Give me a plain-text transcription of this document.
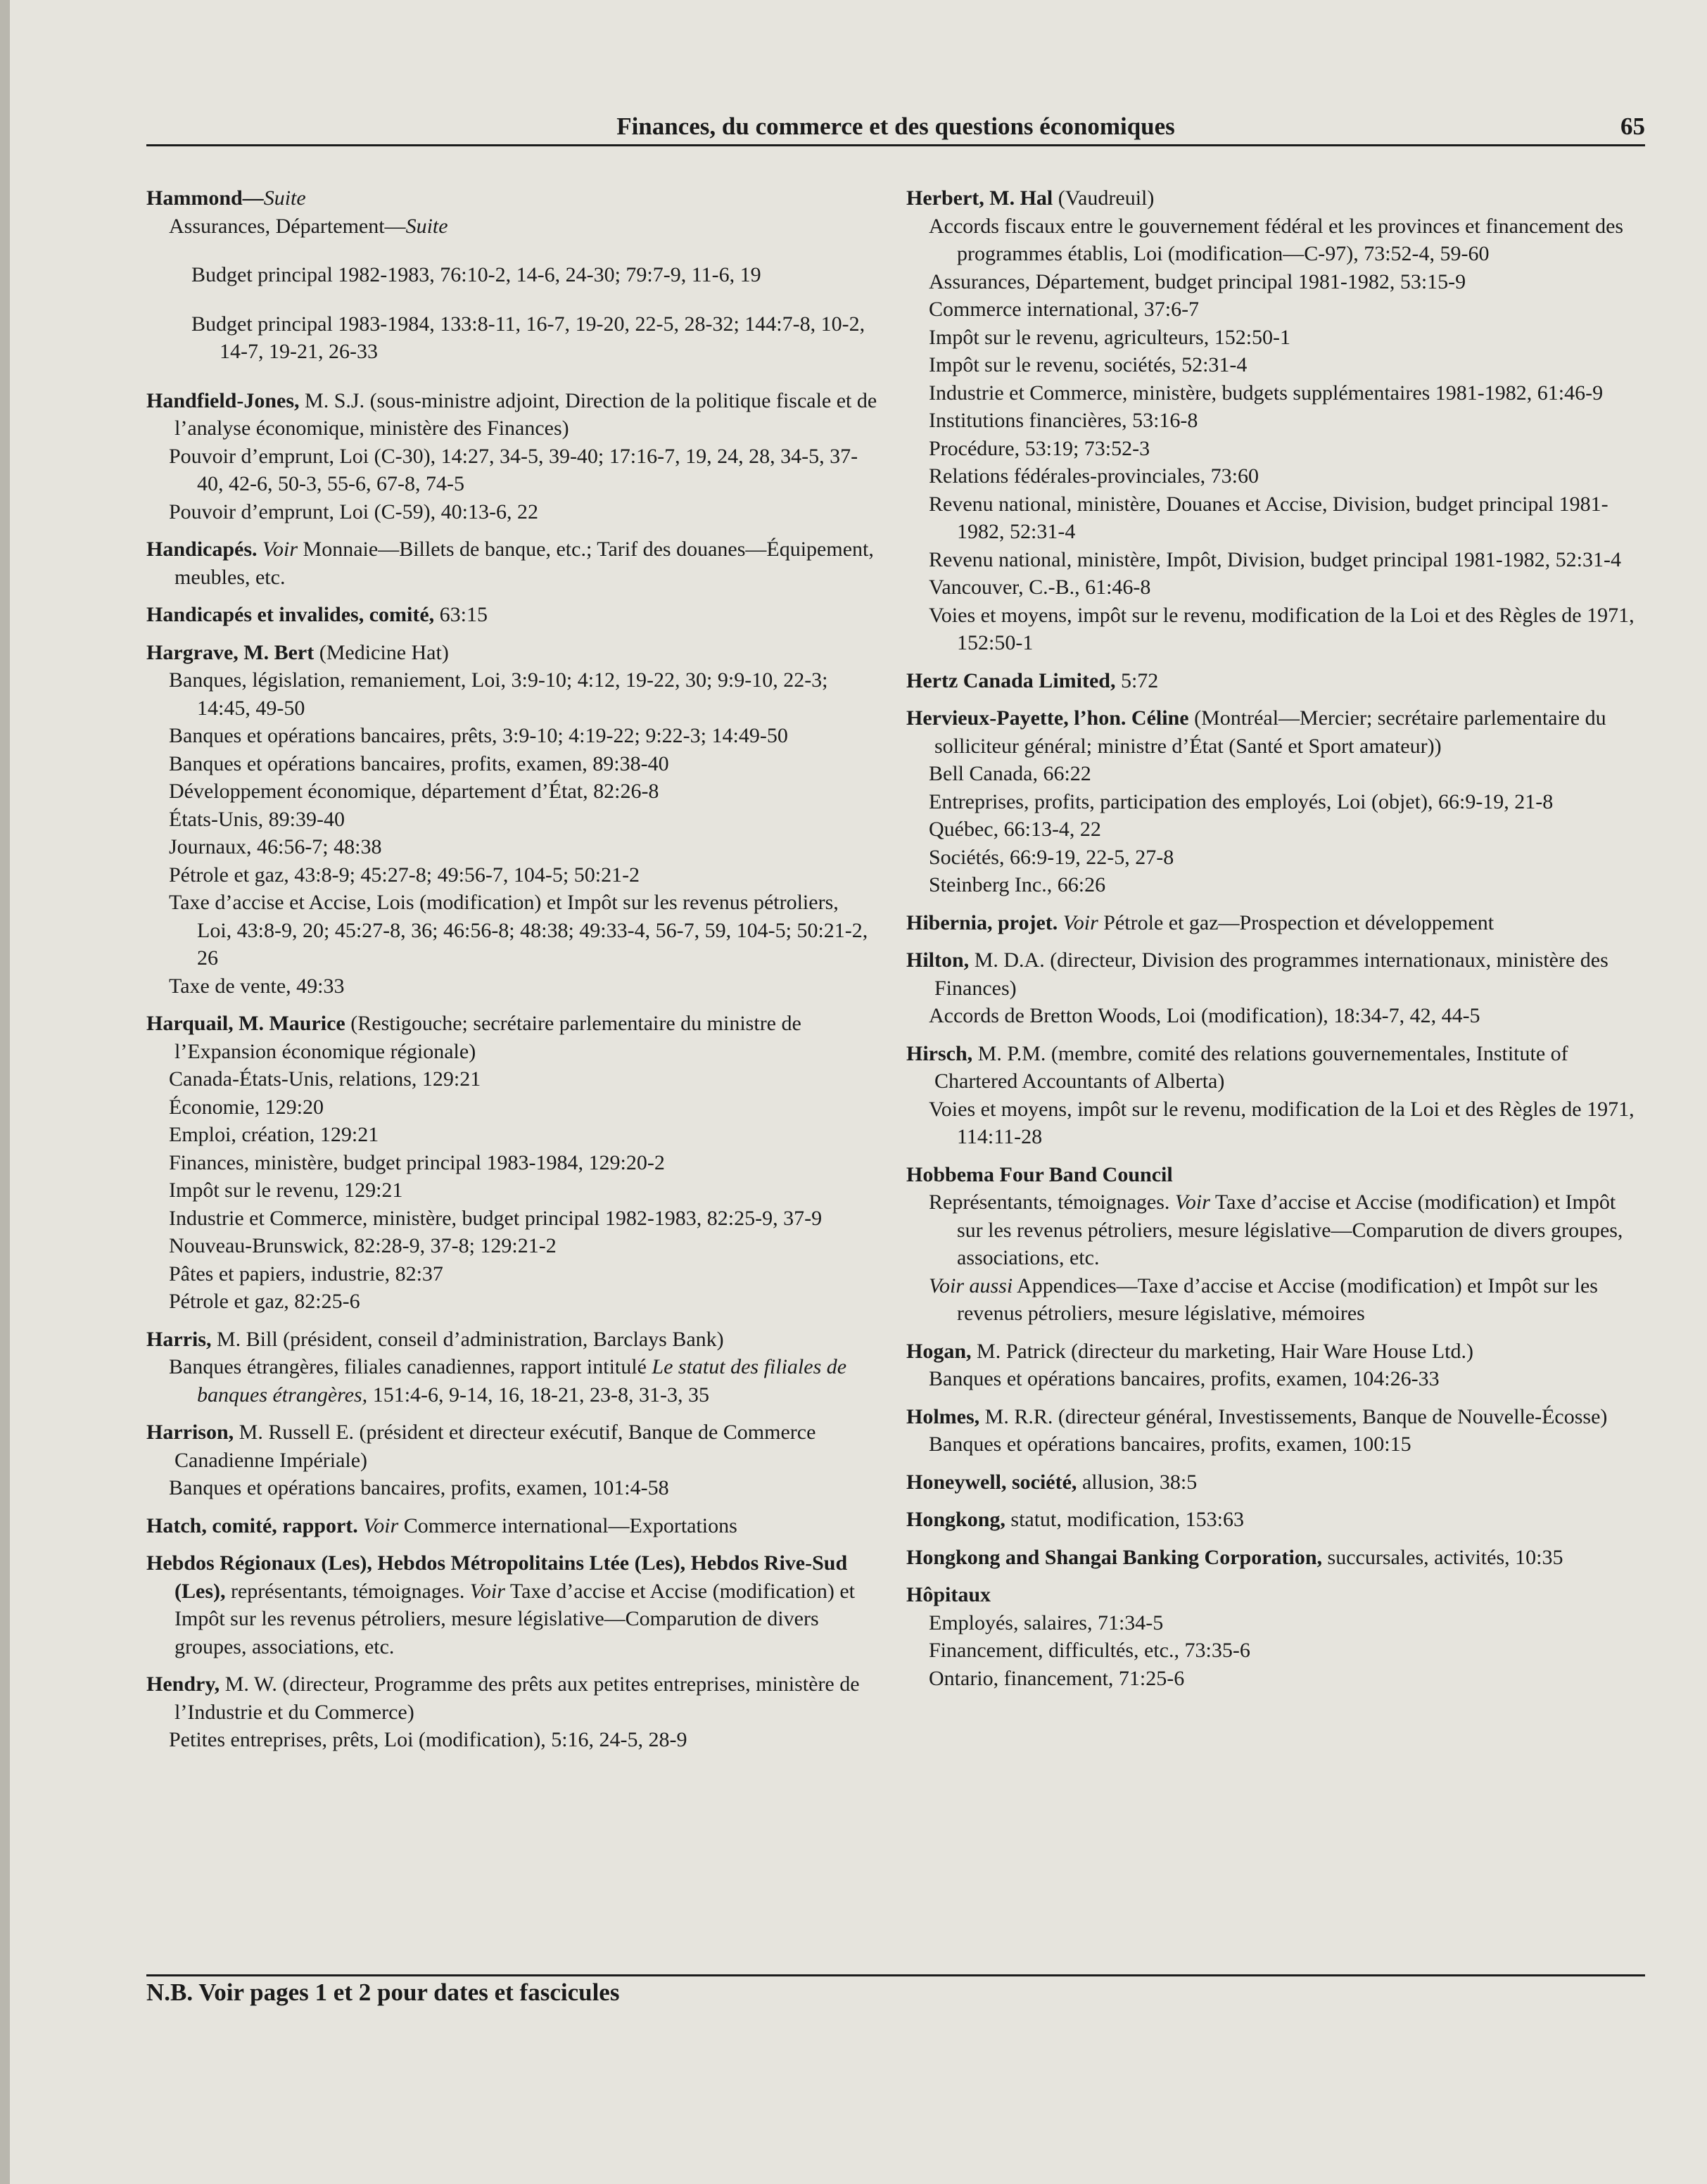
Finances, du commerce et des questions économiques	65

Hammond—Suite

Assurances, Département—Suite

Budget principal 1982-1983, 76:10-2, 14-6, 24-30; 79:7-9, 11-6, 19

Budget principal 1983-1984, 133:8-11, 16-7, 19-20, 22-5, 28-32; 144:7-8, 10-2, 14-7, 19-21, 26-33

Handfield-Jones, M. S.J. (sous-ministre adjoint, Direction de la politique fiscale et de l’analyse économique, ministère des Finances)

Pouvoir d’emprunt, Loi (C-30), 14:27, 34-5, 39-40; 17:16-7, 19, 24, 28, 34-5, 37-40, 42-6, 50-3, 55-6, 67-8, 74-5

Pouvoir d’emprunt, Loi (C-59), 40:13-6, 22

Handicapés. Voir Monnaie—Billets de banque, etc.; Tarif des douanes—Équipement, meubles, etc.

Handicapés et invalides, comité, 63:15

Hargrave, M. Bert (Medicine Hat)

Banques, législation, remaniement, Loi, 3:9-10; 4:12, 19-22, 30; 9:9-10, 22-3; 14:45, 49-50

Banques et opérations bancaires, prêts, 3:9-10; 4:19-22; 9:22-3; 14:49-50

Banques et opérations bancaires, profits, examen, 89:38-40

Développement économique, département d’État, 82:26-8

États-Unis, 89:39-40

Journaux, 46:56-7; 48:38

Pétrole et gaz, 43:8-9; 45:27-8; 49:56-7, 104-5; 50:21-2

Taxe d’accise et Accise, Lois (modification) et Impôt sur les revenus pétroliers, Loi, 43:8-9, 20; 45:27-8, 36; 46:56-8; 48:38; 49:33-4, 56-7, 59, 104-5; 50:21-2, 26

Taxe de vente, 49:33

Harquail, M. Maurice (Restigouche; secrétaire parlementaire du ministre de l’Expansion économique régionale)

Canada-États-Unis, relations, 129:21

Économie, 129:20

Emploi, création, 129:21

Finances, ministère, budget principal 1983-1984, 129:20-2

Impôt sur le revenu, 129:21

Industrie et Commerce, ministère, budget principal 1982-1983, 82:25-9, 37-9

Nouveau-Brunswick, 82:28-9, 37-8; 129:21-2

Pâtes et papiers, industrie, 82:37

Pétrole et gaz, 82:25-6

Harris, M. Bill (président, conseil d’administration, Barclays Bank)

Banques étrangères, filiales canadiennes, rapport intitulé Le statut des filiales de banques étrangères, 151:4-6, 9-14, 16, 18-21, 23-8, 31-3, 35

Harrison, M. Russell E. (président et directeur exécutif, Banque de Commerce Canadienne Impériale)

Banques et opérations bancaires, profits, examen, 101:4-58

Hatch, comité, rapport. Voir Commerce international—Exportations

Hebdos Régionaux (Les), Hebdos Métropolitains Ltée (Les), Hebdos Rive-Sud (Les), représentants, témoignages. Voir Taxe d’accise et Accise (modification) et Impôt sur les revenus pétroliers, mesure législative—Comparution de divers groupes, associations, etc.

Hendry, M. W. (directeur, Programme des prêts aux petites entreprises, ministère de l’Industrie et du Commerce)

Petites entreprises, prêts, Loi (modification), 5:16, 24-5, 28-9

Herbert, M. Hal (Vaudreuil)

Accords fiscaux entre le gouvernement fédéral et les provinces et financement des programmes établis, Loi (modification—C-97), 73:52-4, 59-60

Assurances, Département, budget principal 1981-1982, 53:15-9

Commerce international, 37:6-7

Impôt sur le revenu, agriculteurs, 152:50-1

Impôt sur le revenu, sociétés, 52:31-4

Industrie et Commerce, ministère, budgets supplémentaires 1981-1982, 61:46-9

Institutions financières, 53:16-8

Procédure, 53:19; 73:52-3

Relations fédérales-provinciales, 73:60

Revenu national, ministère, Douanes et Accise, Division, budget principal 1981-1982, 52:31-4

Revenu national, ministère, Impôt, Division, budget principal 1981-1982, 52:31-4

Vancouver, C.-B., 61:46-8

Voies et moyens, impôt sur le revenu, modification de la Loi et des Règles de 1971, 152:50-1

Hertz Canada Limited, 5:72

Hervieux-Payette, l’hon. Céline (Montréal—Mercier; secrétaire parlementaire du solliciteur général; ministre d’État (Santé et Sport amateur))

Bell Canada, 66:22

Entreprises, profits, participation des employés, Loi (objet), 66:9-19, 21-8

Québec, 66:13-4, 22

Sociétés, 66:9-19, 22-5, 27-8

Steinberg Inc., 66:26

Hibernia, projet. Voir Pétrole et gaz—Prospection et développement

Hilton, M. D.A. (directeur, Division des programmes internationaux, ministère des Finances)

Accords de Bretton Woods, Loi (modification), 18:34-7, 42, 44-5

Hirsch, M. P.M. (membre, comité des relations gouvernementales, Institute of Chartered Accountants of Alberta)

Voies et moyens, impôt sur le revenu, modification de la Loi et des Règles de 1971, 114:11-28

Hobbema Four Band Council

Représentants, témoignages. Voir Taxe d’accise et Accise (modification) et Impôt sur les revenus pétroliers, mesure législative—Comparution de divers groupes, associations, etc.

Voir aussi Appendices—Taxe d’accise et Accise (modification) et Impôt sur les revenus pétroliers, mesure législative, mémoires

Hogan, M. Patrick (directeur du marketing, Hair Ware House Ltd.)

Banques et opérations bancaires, profits, examen, 104:26-33

Holmes, M. R.R. (directeur général, Investissements, Banque de Nouvelle-Écosse)

Banques et opérations bancaires, profits, examen, 100:15

Honeywell, société, allusion, 38:5

Hongkong, statut, modification, 153:63

Hongkong and Shangai Banking Corporation, succursales, activités, 10:35

Hôpitaux

Employés, salaires, 71:34-5

Financement, difficultés, etc., 73:35-6

Ontario, financement, 71:25-6

N.B. Voir pages 1 et 2 pour dates et fascicules
